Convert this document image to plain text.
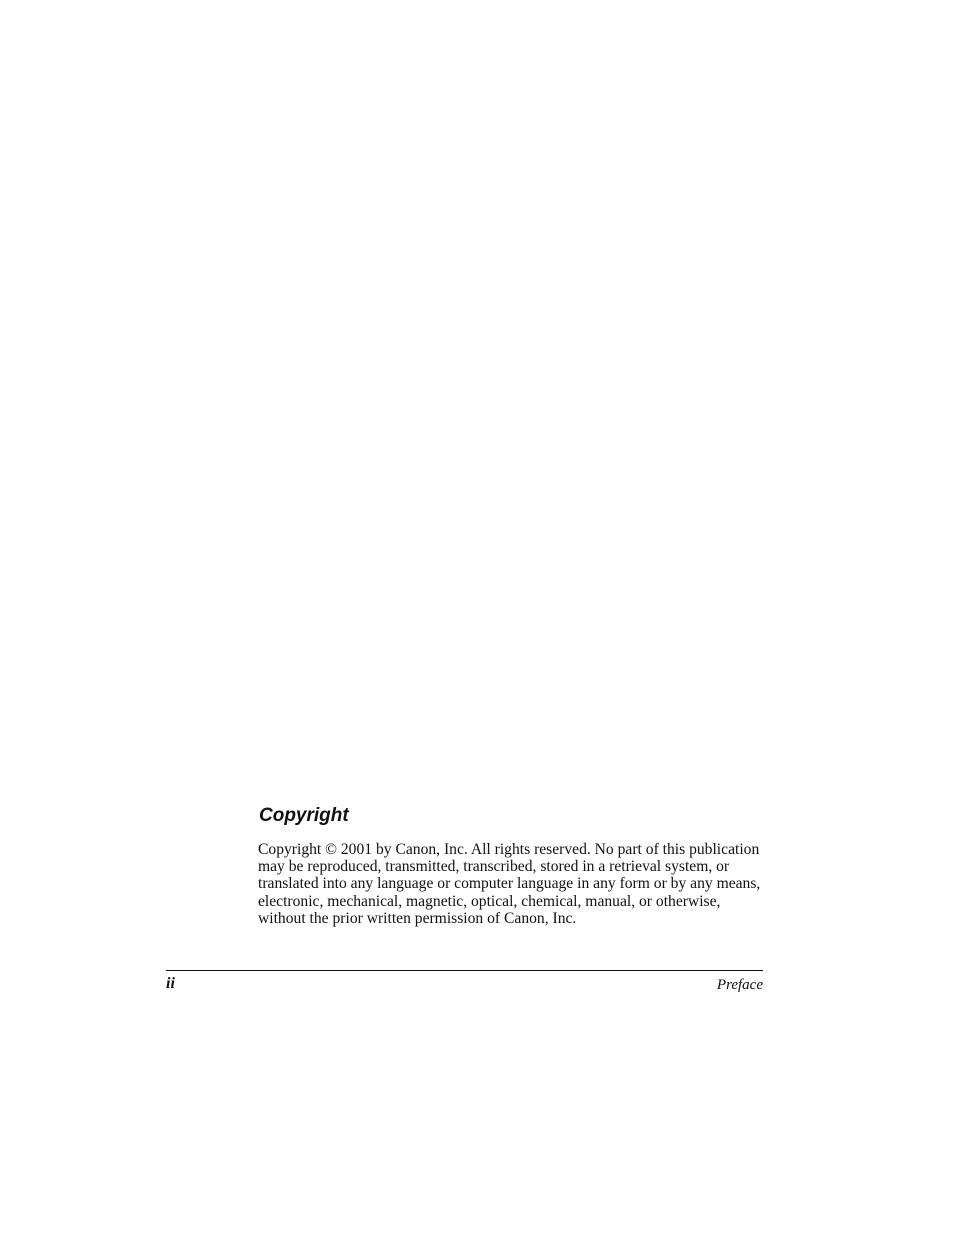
Copyright

Copyright © 2001 by Canon, Inc. All rights reserved. No part of this publication may be reproduced, transmitted, transcribed, stored in a retrieval system, or translated into any language or computer language in any form or by any means, electronic, mechanical, magnetic, optical, chemical, manual, or otherwise, without the prior written permission of Canon, Inc.

ii	Preface
